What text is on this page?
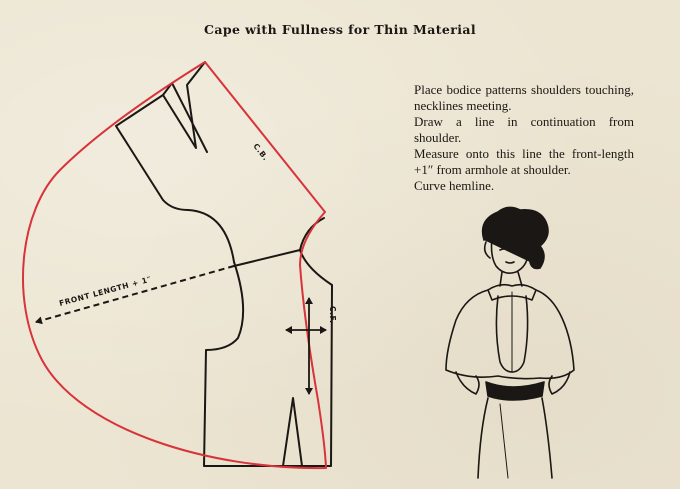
Cape with Fullness for Thin Material

Place bodice patterns shoulders touching, necklines meeting.

Draw a line in continuation from shoulder.

Measure onto this line the front-length +1″ from armhole at shoulder.

Curve hemline.

FRONT LENGTH + 1″
C.B.
C.F.
